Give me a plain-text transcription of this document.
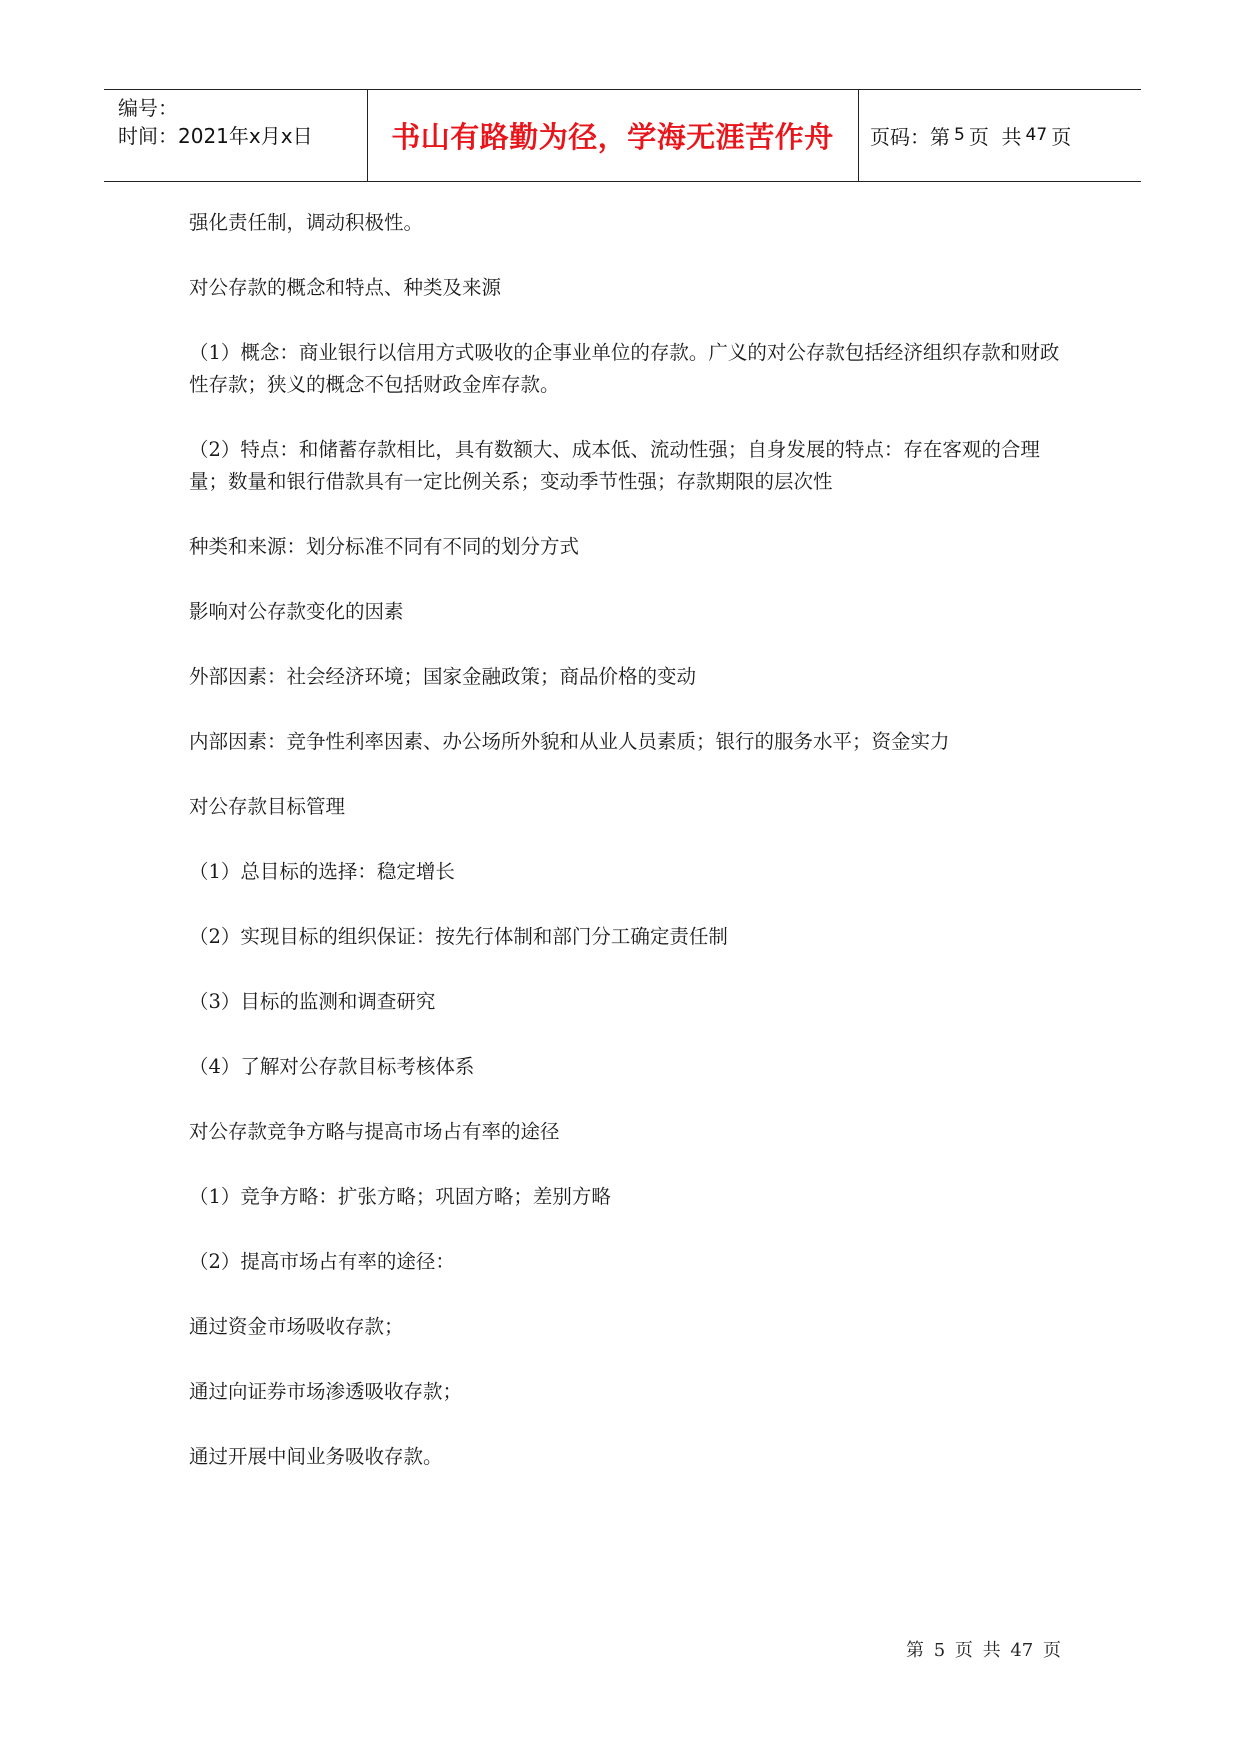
编号：
时间：2021年x月x日	书山有路勤为径，学海无涯苦作舟	页码：第 5 页  共 47 页

强化责任制，调动积极性。

对公存款的概念和特点、种类及来源

（1）概念：商业银行以信用方式吸收的企事业单位的存款。广义的对公存款包括经济组织存款和财政性存款；狭义的概念不包括财政金库存款。

（2）特点：和储蓄存款相比，具有数额大、成本低、流动性强；自身发展的特点：存在客观的合理量；数量和银行借款具有一定比例关系；变动季节性强；存款期限的层次性

种类和来源：划分标准不同有不同的划分方式

影响对公存款变化的因素

外部因素：社会经济环境；国家金融政策；商品价格的变动

内部因素：竞争性利率因素、办公场所外貌和从业人员素质；银行的服务水平；资金实力

对公存款目标管理

（1）总目标的选择：稳定增长

（2）实现目标的组织保证：按先行体制和部门分工确定责任制

（3）目标的监测和调查研究

（4）了解对公存款目标考核体系

对公存款竞争方略与提高市场占有率的途径

（1）竞争方略：扩张方略；巩固方略；差别方略

（2）提高市场占有率的途径：

通过资金市场吸收存款；

通过向证券市场渗透吸收存款；

通过开展中间业务吸收存款。

第 5 页 共 47 页
